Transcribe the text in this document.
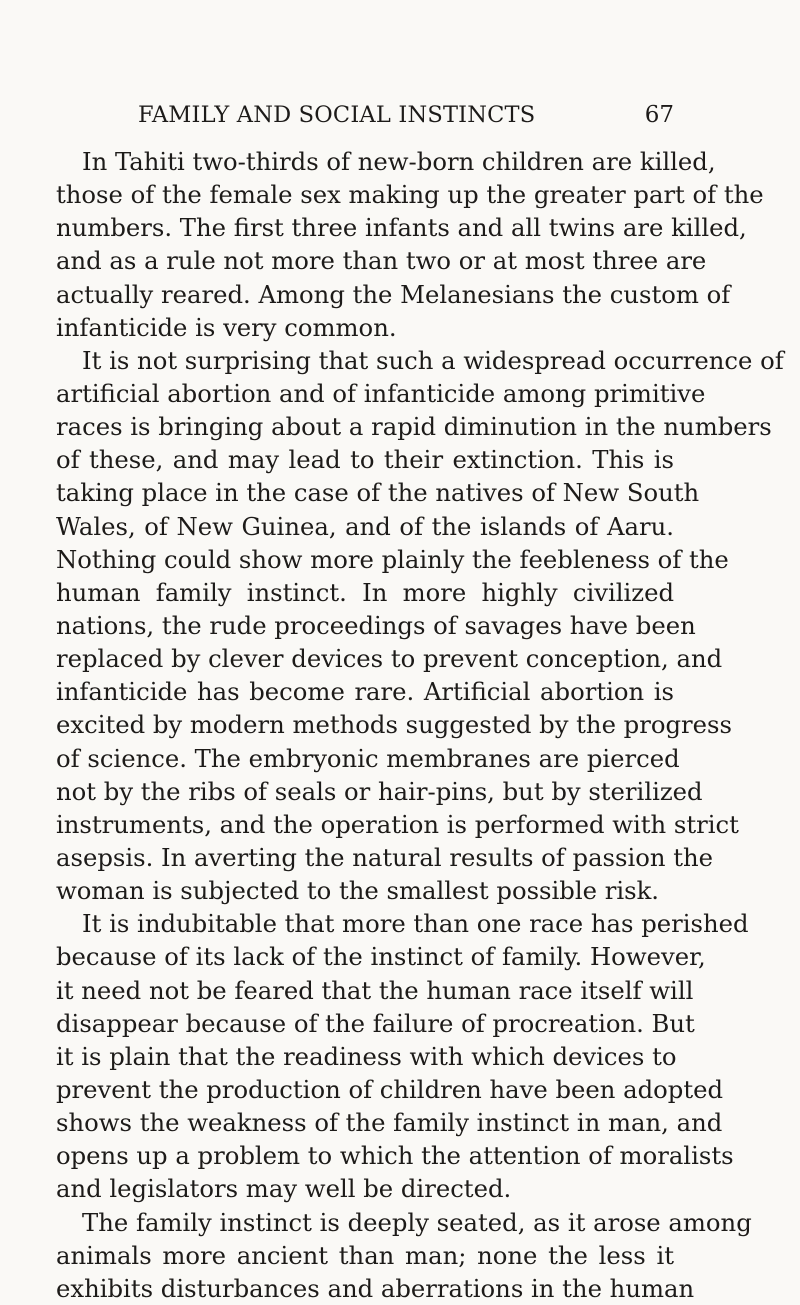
FAMILY AND SOCIAL INSTINCTS	67
In Tahiti two-thirds of new-born children are killed,
those of the female sex making up the greater part of the
numbers. The first three infants and all twins are killed,
and as a rule not more than two or at most three are
actually reared. Among the Melanesians the custom of
infanticide is very common.
It is not surprising that such a widespread occurrence of
artificial abortion and of infanticide among primitive
races is bringing about a rapid diminution in the numbers
of these, and may lead to their extinction. This is
taking place in the case of the natives of New South
Wales, of New Guinea, and of the islands of Aaru.
Nothing could show more plainly the feebleness of the
human family instinct. In more highly civilized
nations, the rude proceedings of savages have been
replaced by clever devices to prevent conception, and
infanticide has become rare. Artificial abortion is
excited by modern methods suggested by the progress
of science. The embryonic membranes are pierced
not by the ribs of seals or hair-pins, but by sterilized
instruments, and the operation is performed with strict
asepsis. In averting the natural results of passion the
woman is subjected to the smallest possible risk.
It is indubitable that more than one race has perished
because of its lack of the instinct of family. However,
it need not be feared that the human race itself will
disappear because of the failure of procreation. But
it is plain that the readiness with which devices to
prevent the production of children have been adopted
shows the weakness of the family instinct in man, and
opens up a problem to which the attention of moralists
and legislators may well be directed.
The family instinct is deeply seated, as it arose among
animals more ancient than man; none the less it
exhibits disturbances and aberrations in the human
